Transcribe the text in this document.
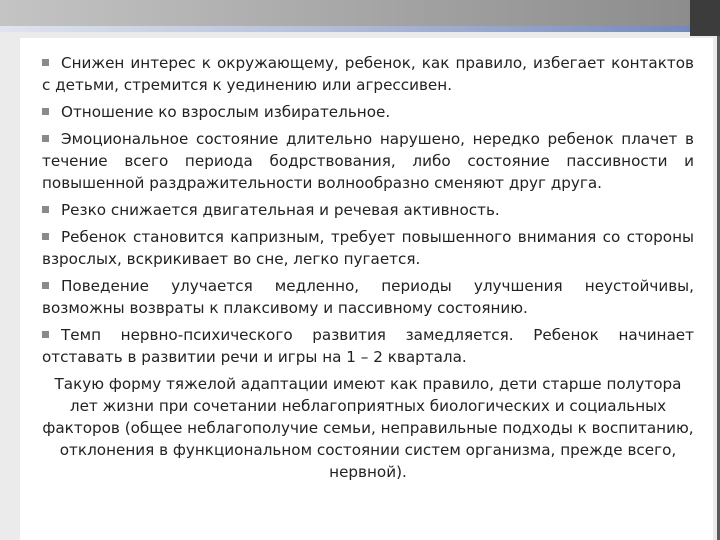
Снижен интерес к окружающему, ребенок, как правило, избегает контактов с детьми, стремится к уединению или агрессивен.

Отношение ко взрослым избирательное.

Эмоциональное состояние длительно нарушено, нередко ребенок плачет в течение всего периода бодрствования, либо состояние пассивности и повышенной раздражительности волнообразно сменяют друг друга.

Резко снижается двигательная и речевая активность.

Ребенок становится капризным, требует повышенного внимания со стороны взрослых, вскрикивает во сне, легко пугается.

Поведение улучается медленно, периоды улучшения неустойчивы, возможны возвраты к плаксивому и пассивному состоянию.

Темп нервно-психического развития замедляется. Ребенок начинает отставать в развитии речи и игры на 1 – 2 квартала.

Такую форму тяжелой адаптации имеют как правило, дети старше полутора лет жизни при сочетании неблагоприятных биологических и социальных факторов (общее неблагополучие семьи, неправильные подходы к воспитанию, отклонения в функциональном состоянии систем организма, прежде всего, нервной).
